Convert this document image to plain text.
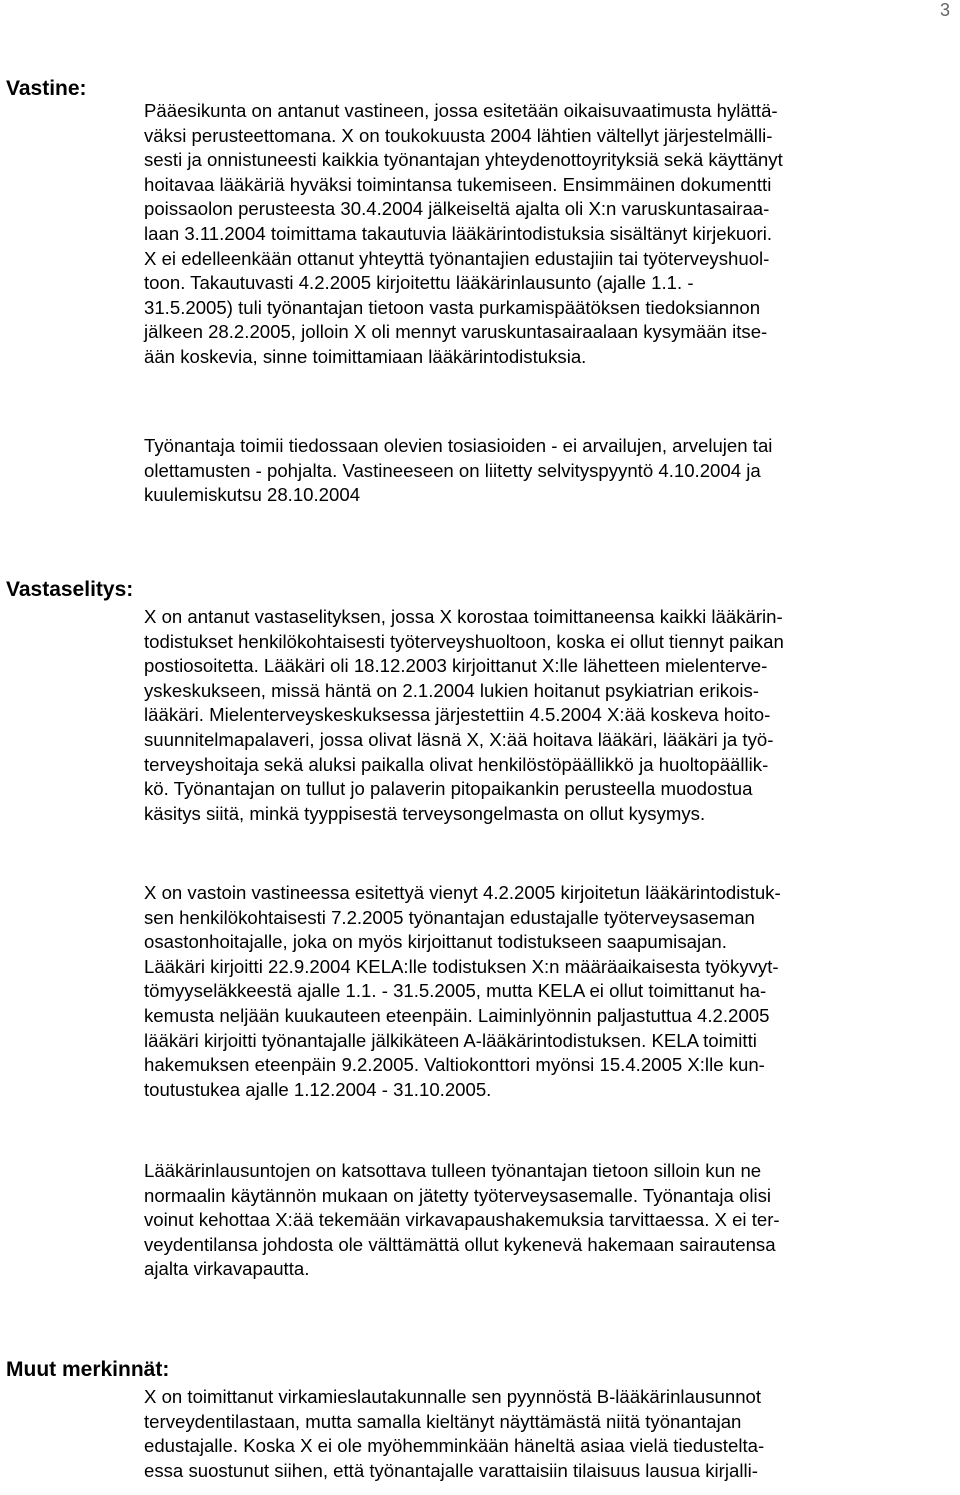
3
Vastine:
Pääesikunta on antanut vastineen, jossa esitetään oikaisuvaatimusta hylättä-
väksi perusteettomana. X on toukokuusta 2004 lähtien vältellyt järjestelmälli-
sesti ja onnistuneesti kaikkia työnantajan yhteydenottoyrityksiä sekä käyttänyt
hoitavaa lääkäriä hyväksi toimintansa tukemiseen. Ensimmäinen dokumentti
poissaolon perusteesta 30.4.2004 jälkeiseltä ajalta oli X:n varuskuntasairaa-
laan 3.11.2004 toimittama takautuvia lääkärintodistuksia sisältänyt kirjekuori.
X ei edelleenkään ottanut yhteyttä työnantajien edustajiin tai työterveyshuol-
toon. Takautuvasti 4.2.2005 kirjoitettu lääkärinlausunto (ajalle 1.1. -
31.5.2005) tuli työnantajan tietoon vasta purkamispäätöksen tiedoksiannon
jälkeen 28.2.2005, jolloin X oli mennyt varuskuntasairaalaan kysymään itse-
ään koskevia, sinne toimittamiaan lääkärintodistuksia.
Työnantaja toimii tiedossaan olevien tosiasioiden - ei arvailujen, arvelujen tai
olettamusten - pohjalta. Vastineeseen on liitetty selvityspyyntö 4.10.2004 ja
kuulemiskutsu 28.10.2004
Vastaselitys:
X on antanut vastaselityksen, jossa X korostaa toimittaneensa kaikki lääkärin-
todistukset henkilökohtaisesti työterveyshuoltoon, koska ei ollut tiennyt paikan
postiosoitetta. Lääkäri oli 18.12.2003 kirjoittanut X:lle lähetteen mielenterve-
yskeskukseen, missä häntä on 2.1.2004 lukien hoitanut psykiatrian erikois-
lääkäri. Mielenterveyskeskuksessa järjestettiin 4.5.2004 X:ää koskeva hoito-
suunnitelmapalaveri, jossa olivat läsnä X, X:ää hoitava lääkäri, lääkäri ja työ-
terveyshoitaja sekä aluksi paikalla olivat henkilöstöpäällikkö ja huoltopäällik-
kö. Työnantajan on tullut jo palaverin pitopaikankin perusteella muodostua
käsitys siitä, minkä tyyppisestä terveysongelmasta on ollut kysymys.
X on vastoin vastineessa esitettyä vienyt 4.2.2005 kirjoitetun lääkärintodistuk-
sen henkilökohtaisesti 7.2.2005 työnantajan edustajalle työterveysaseman
osastonhoitajalle, joka on myös kirjoittanut todistukseen saapumisajan.
Lääkäri kirjoitti 22.9.2004 KELA:lle todistuksen X:n määräaikaisesta työkyvyt-
tömyyseläkkeestä ajalle 1.1. - 31.5.2005, mutta KELA ei ollut toimittanut ha-
kemusta neljään kuukauteen eteenpäin. Laiminlyönnin paljastuttua 4.2.2005
lääkäri kirjoitti työnantajalle jälkikäteen A-lääkärintodistuksen. KELA toimitti
hakemuksen eteenpäin 9.2.2005. Valtiokonttori myönsi 15.4.2005 X:lle kun-
toutustukea ajalle 1.12.2004 - 31.10.2005.
Lääkärinlausuntojen on katsottava tulleen työnantajan tietoon silloin kun ne
normaalin käytännön mukaan on jätetty työterveysasemalle. Työnantaja olisi
voinut kehottaa X:ää tekemään virkavapaushakemuksia tarvittaessa. X ei ter-
veydentilansa johdosta ole välttämättä ollut kykenevä hakemaan sairautensa
ajalta virkavapautta.
Muut merkinnät:
X on toimittanut virkamieslautakunnalle sen pyynnöstä B-lääkärinlausunnot
terveydentilastaan, mutta samalla kieltänyt näyttämästä niitä työnantajan
edustajalle. Koska X ei ole myöhemminkään häneltä asiaa vielä tiedustelta-
essa suostunut siihen, että työnantajalle varattaisiin tilaisuus lausua kirjalli-
